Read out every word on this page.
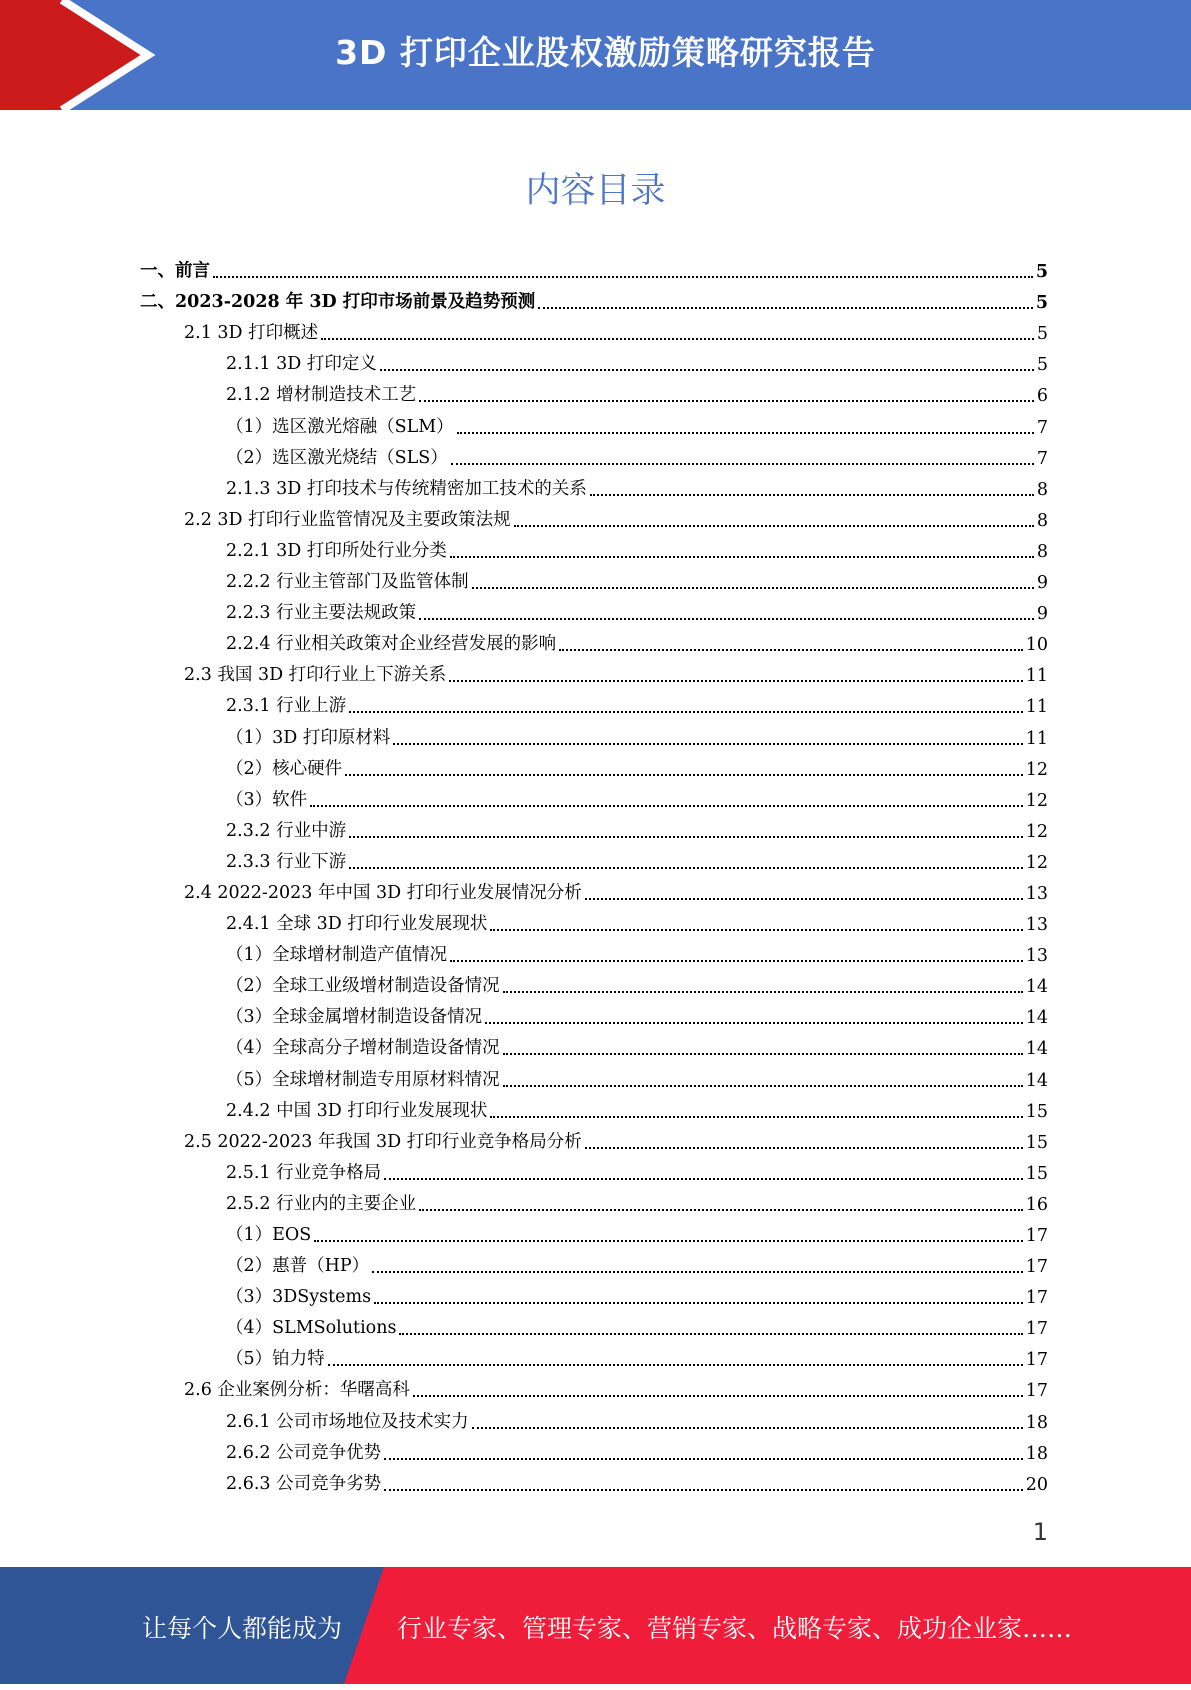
3D 打印企业股权激励策略研究报告
内容目录
一、前言	5
二、2023-2028 年 3D 打印市场前景及趋势预测	5
2.1 3D 打印概述	5
2.1.1 3D 打印定义	5
2.1.2 增材制造技术工艺	6
（1）选区激光熔融（SLM）	7
（2）选区激光烧结（SLS）	7
2.1.3 3D 打印技术与传统精密加工技术的关系	8
2.2 3D 打印行业监管情况及主要政策法规	8
2.2.1 3D 打印所处行业分类	8
2.2.2 行业主管部门及监管体制	9
2.2.3 行业主要法规政策	9
2.2.4 行业相关政策对企业经营发展的影响	10
2.3 我国 3D 打印行业上下游关系	11
2.3.1 行业上游	11
（1）3D 打印原材料	11
（2）核心硬件	12
（3）软件	12
2.3.2 行业中游	12
2.3.3 行业下游	12
2.4 2022-2023 年中国 3D 打印行业发展情况分析	13
2.4.1 全球 3D 打印行业发展现状	13
（1）全球增材制造产值情况	13
（2）全球工业级增材制造设备情况	14
（3）全球金属增材制造设备情况	14
（4）全球高分子增材制造设备情况	14
（5）全球增材制造专用原材料情况	14
2.4.2 中国 3D 打印行业发展现状	15
2.5 2022-2023 年我国 3D 打印行业竞争格局分析	15
2.5.1 行业竞争格局	15
2.5.2 行业内的主要企业	16
（1）EOS	17
（2）惠普（HP）	17
（3）3DSystems	17
（4）SLMSolutions	17
（5）铂力特	17
2.6 企业案例分析：华曙高科	17
2.6.1 公司市场地位及技术实力	18
2.6.2 公司竞争优势	18
2.6.3 公司竞争劣势	20
1
让每个人都能成为 行业专家、管理专家、营销专家、战略专家、成功企业家……
